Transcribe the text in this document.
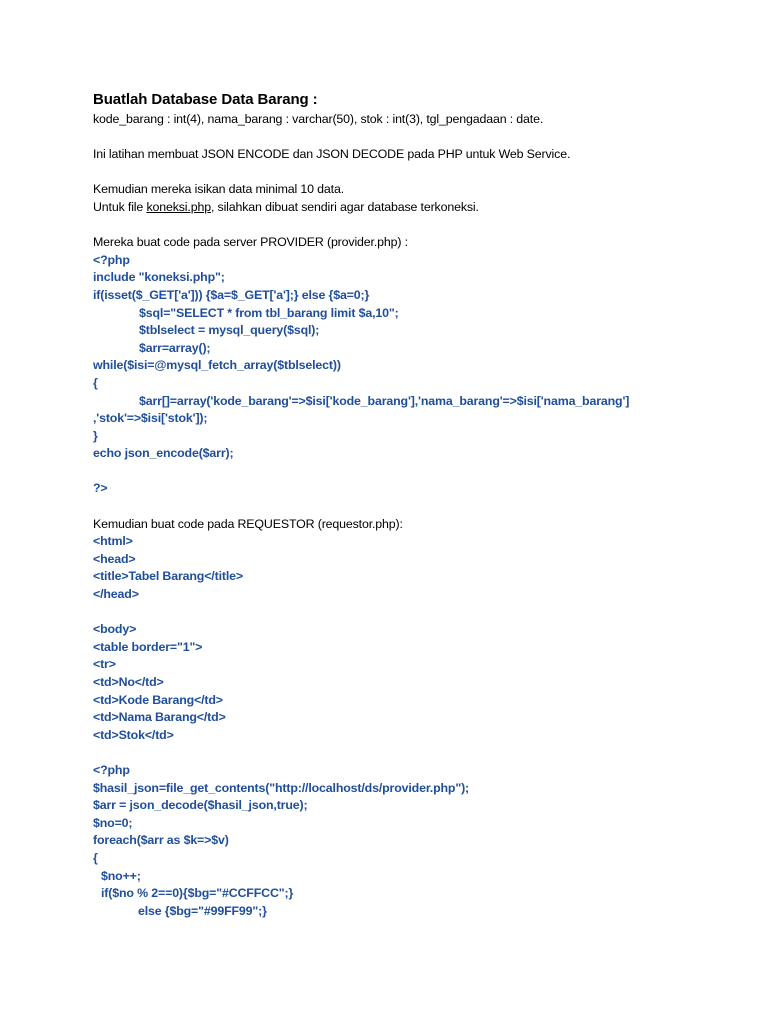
Buatlah Database Data Barang :
kode_barang : int(4), nama_barang : varchar(50), stok : int(3), tgl_pengadaan : date.
Ini latihan membuat JSON ENCODE dan JSON DECODE pada PHP untuk Web Service.
Kemudian mereka isikan data minimal 10 data.
Untuk file koneksi.php, silahkan dibuat sendiri agar database terkoneksi.
Mereka buat code pada server PROVIDER (provider.php) :
<?php
include "koneksi.php";
if(isset($_GET['a'])) {$a=$_GET['a'];} else {$a=0;}
$sql="SELECT * from tbl_barang limit $a,10";
$tblselect = mysql_query($sql);
$arr=array();
while($isi=@mysql_fetch_array($tblselect))
{
$arr[]=array('kode_barang'=>$isi['kode_barang'],'nama_barang'=>$isi['nama_barang']
,'stok'=>$isi['stok']);
}
echo json_encode($arr);
?>
Kemudian buat code pada REQUESTOR (requestor.php):
<html>
<head>
<title>Tabel Barang</title>
</head>
<body>
<table border="1">
<tr>
<td>No</td>
<td>Kode Barang</td>
<td>Nama Barang</td>
<td>Stok</td>
<?php
$hasil_json=file_get_contents("http://localhost/ds/provider.php");
$arr = json_decode($hasil_json,true);
$no=0;
foreach($arr as $k=>$v)
{
$no++;
if($no % 2==0){$bg="#CCFFCC";}
else {$bg="#99FF99";}
